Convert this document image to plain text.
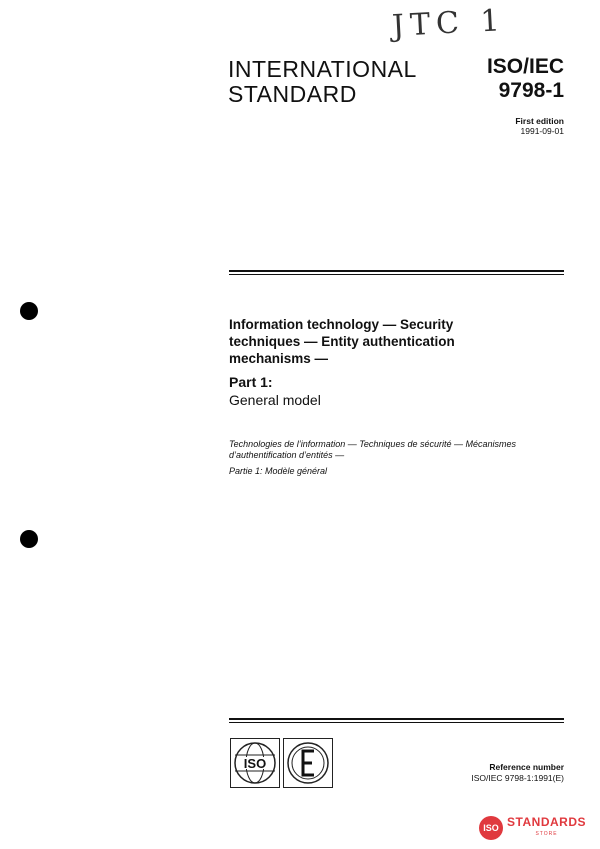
JTC 1
INTERNATIONAL
STANDARD
ISO/IEC
9798-1
First edition
1991-09-01
Information technology — Security
techniques — Entity authentication
mechanisms —
Part 1:
General model
Technologies de l’information — Techniques de sécurité — Mécanismes
d’authentification d’entités —
Partie 1: Modèle général
ISO
IEC
Reference number
ISO/IEC 9798-1:1991(E)
ISO STANDARDS
STORE
